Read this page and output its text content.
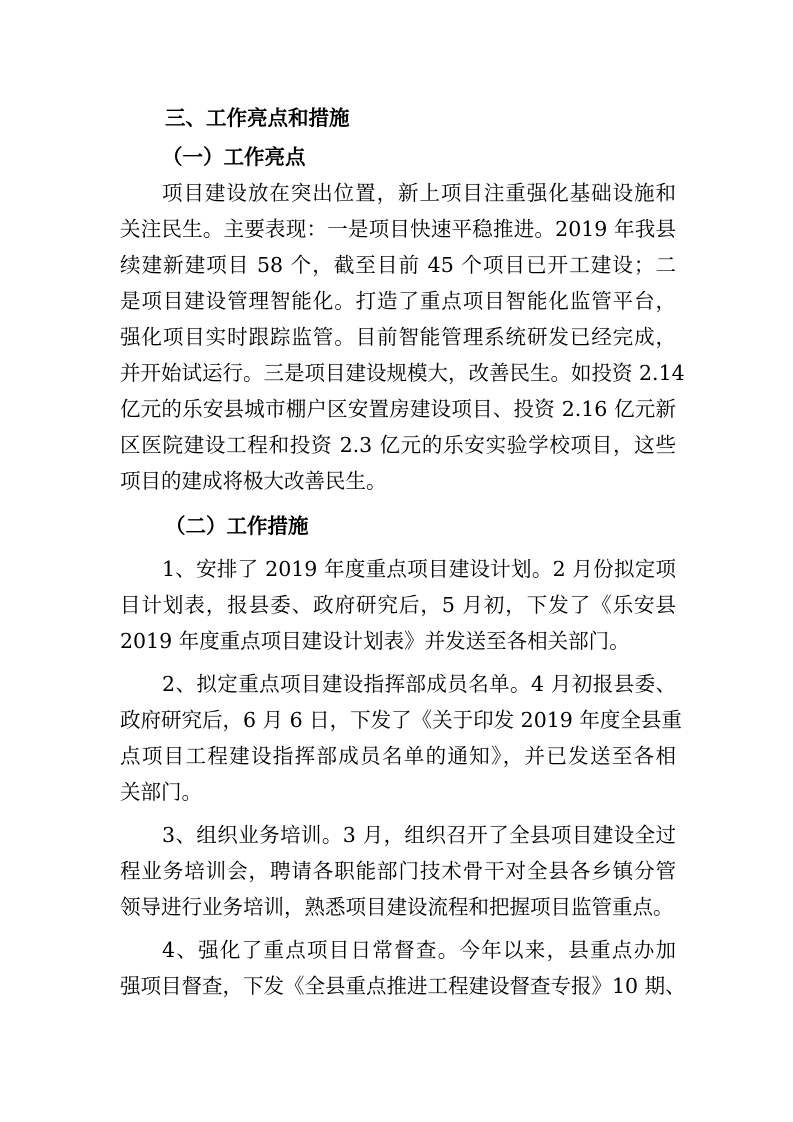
三、工作亮点和措施
（一）工作亮点
项目建设放在突出位置，新上项目注重强化基础设施和
关注民生。主要表现：一是项目快速平稳推进。2019 年我县
续建新建项目 58 个，截至目前 45 个项目已开工建设；二
是项目建设管理智能化。打造了重点项目智能化监管平台，
强化项目实时跟踪监管。目前智能管理系统研发已经完成，
并开始试运行。三是项目建设规模大，改善民生。如投资 2.14
亿元的乐安县城市棚户区安置房建设项目、投资 2.16 亿元新
区医院建设工程和投资 2.3 亿元的乐安实验学校项目，这些
项目的建成将极大改善民生。
（二）工作措施
1、安排了 2019 年度重点项目建设计划。2 月份拟定项
目计划表，报县委、政府研究后，5 月初，下发了《乐安县
2019 年度重点项目建设计划表》并发送至各相关部门。
2、拟定重点项目建设指挥部成员名单。4 月初报县委、
政府研究后，6 月 6 日，下发了《关于印发 2019 年度全县重
点项目工程建设指挥部成员名单的通知》，并已发送至各相
关部门。
3、组织业务培训。3 月，组织召开了全县项目建设全过
程业务培训会，聘请各职能部门技术骨干对全县各乡镇分管
领导进行业务培训，熟悉项目建设流程和把握项目监管重点。
4、强化了重点项目日常督查。今年以来，县重点办加
强项目督查，下发《全县重点推进工程建设督查专报》10 期、
